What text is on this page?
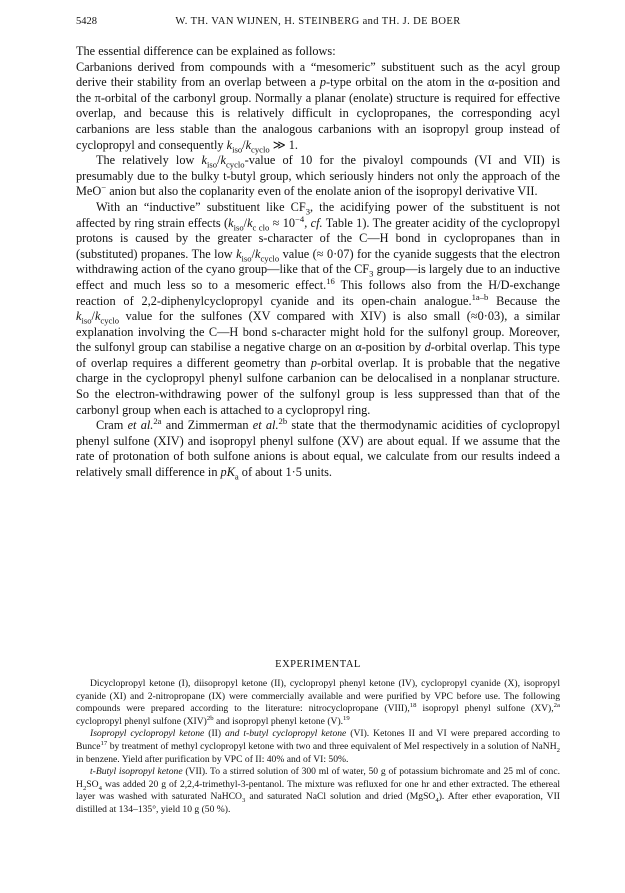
5428	W. TH. VAN WIJNEN, H. STEINBERG and TH. J. DE BOER

The essential difference can be explained as follows:

Carbanions derived from compounds with a “mesomeric” substituent such as the acyl group derive their stability from an overlap between a p-type orbital on the atom in the α-position and the π-orbital of the carbonyl group. Normally a planar (enolate) structure is required for effective overlap, and because this is relatively difficult in cyclopropanes, the corresponding acyl carbanions are less stable than the analogous carbanions with an isopropyl group instead of cyclopropyl and consequently $k_{iso}/k_{cyclo}$ ≫ 1.

The relatively low $k_{iso}/k_{cyclo}$-value of 10 for the pivaloyl compounds (VI and VII) is presumably due to the bulky t-butyl group, which seriously hinders not only the approach of the MeO− anion but also the coplanarity even of the enolate anion of the isopropyl derivative VII.

With an “inductive” substituent like $CF_3$, the acidifying power of the substituent is not affected by ring strain effects ($k_{iso}/k_{c clo} \approx 10^{-4}$, cf. Table 1). The greater acidity of the cyclopropyl protons is caused by the greater s-character of the C—H bond in cyclopropanes than in (substituted) propanes. The low $k_{iso}/k_{cyclo}$ value (≈ 0·07) for the cyanide suggests that the electron withdrawing action of the cyano group—like that of the $CF_3$ group—is largely due to an inductive effect and much less so to a mesomeric effect.$^{16}$ This follows also from the H/D-exchange reaction of 2,2-diphenylcyclopropyl cyanide and its open-chain analogue.$^{1a-b}$ Because the $k_{iso}/k_{cyclo}$ value for the sulfones (XV compared with XIV) is also small (≈0·03), a similar explanation involving the C—H bond s-character might hold for the sulfonyl group. Moreover, the sulfonyl group can stabilise a negative charge on an α-position by d-orbital overlap. This type of overlap requires a different geometry than p-orbital overlap. It is probable that the negative charge in the cyclopropyl phenyl sulfone carbanion can be delocalised in a nonplanar structure. So the electron-withdrawing power of the sulfonyl group is less suppressed than that of the carbonyl group when each is attached to a cyclopropyl ring.

Cram et al.$^{2a}$ and Zimmerman et al.$^{2b}$ state that the thermodynamic acidities of cyclopropyl phenyl sulfone (XIV) and isopropyl phenyl sulfone (XV) are about equal. If we assume that the rate of protonation of both sulfone anions is about equal, we calculate from our results indeed a relatively small difference in $pK_a$ of about 1·5 units.

EXPERIMENTAL

Dicyclopropyl ketone (I), diisopropyl ketone (II), cyclopropyl phenyl ketone (IV), cyclopropyl cyanide (X), isopropyl cyanide (XI) and 2-nitropropane (IX) were commercially available and were purified by VPC before use. The following compounds were prepared according to the literature: nitrocyclopropane (VIII),$^{18}$ isopropyl phenyl sulfone (XV),$^{2a}$ cyclopropyl phenyl sulfone (XIV)$^{2b}$ and isopropyl phenyl ketone (V).$^{19}$

Isopropyl cyclopropyl ketone (II) and t-butyl cyclopropyl ketone (VI). Ketones II and VI were prepared according to Bunce$^{17}$ by treatment of methyl cyclopropyl ketone with two and three equivalent of MeI respectively in a solution of NaNH$_2$ in benzene. Yield after purification by VPC of II: 40% and of VI: 50%.

t-Butyl isopropyl ketone (VII). To a stirred solution of 300 ml of water, 50 g of potassium bichromate and 25 ml of conc. $H_2SO_4$ was added 20 g of 2,2,4-trimethyl-3-pentanol. The mixture was refluxed for one hr and ether extracted. The ethereal layer was washed with saturated NaHCO$_3$ and saturated NaCl solution and dried (MgSO$_4$). After ether evaporation, VII distilled at 134–135°, yield 10 g (50 %).
